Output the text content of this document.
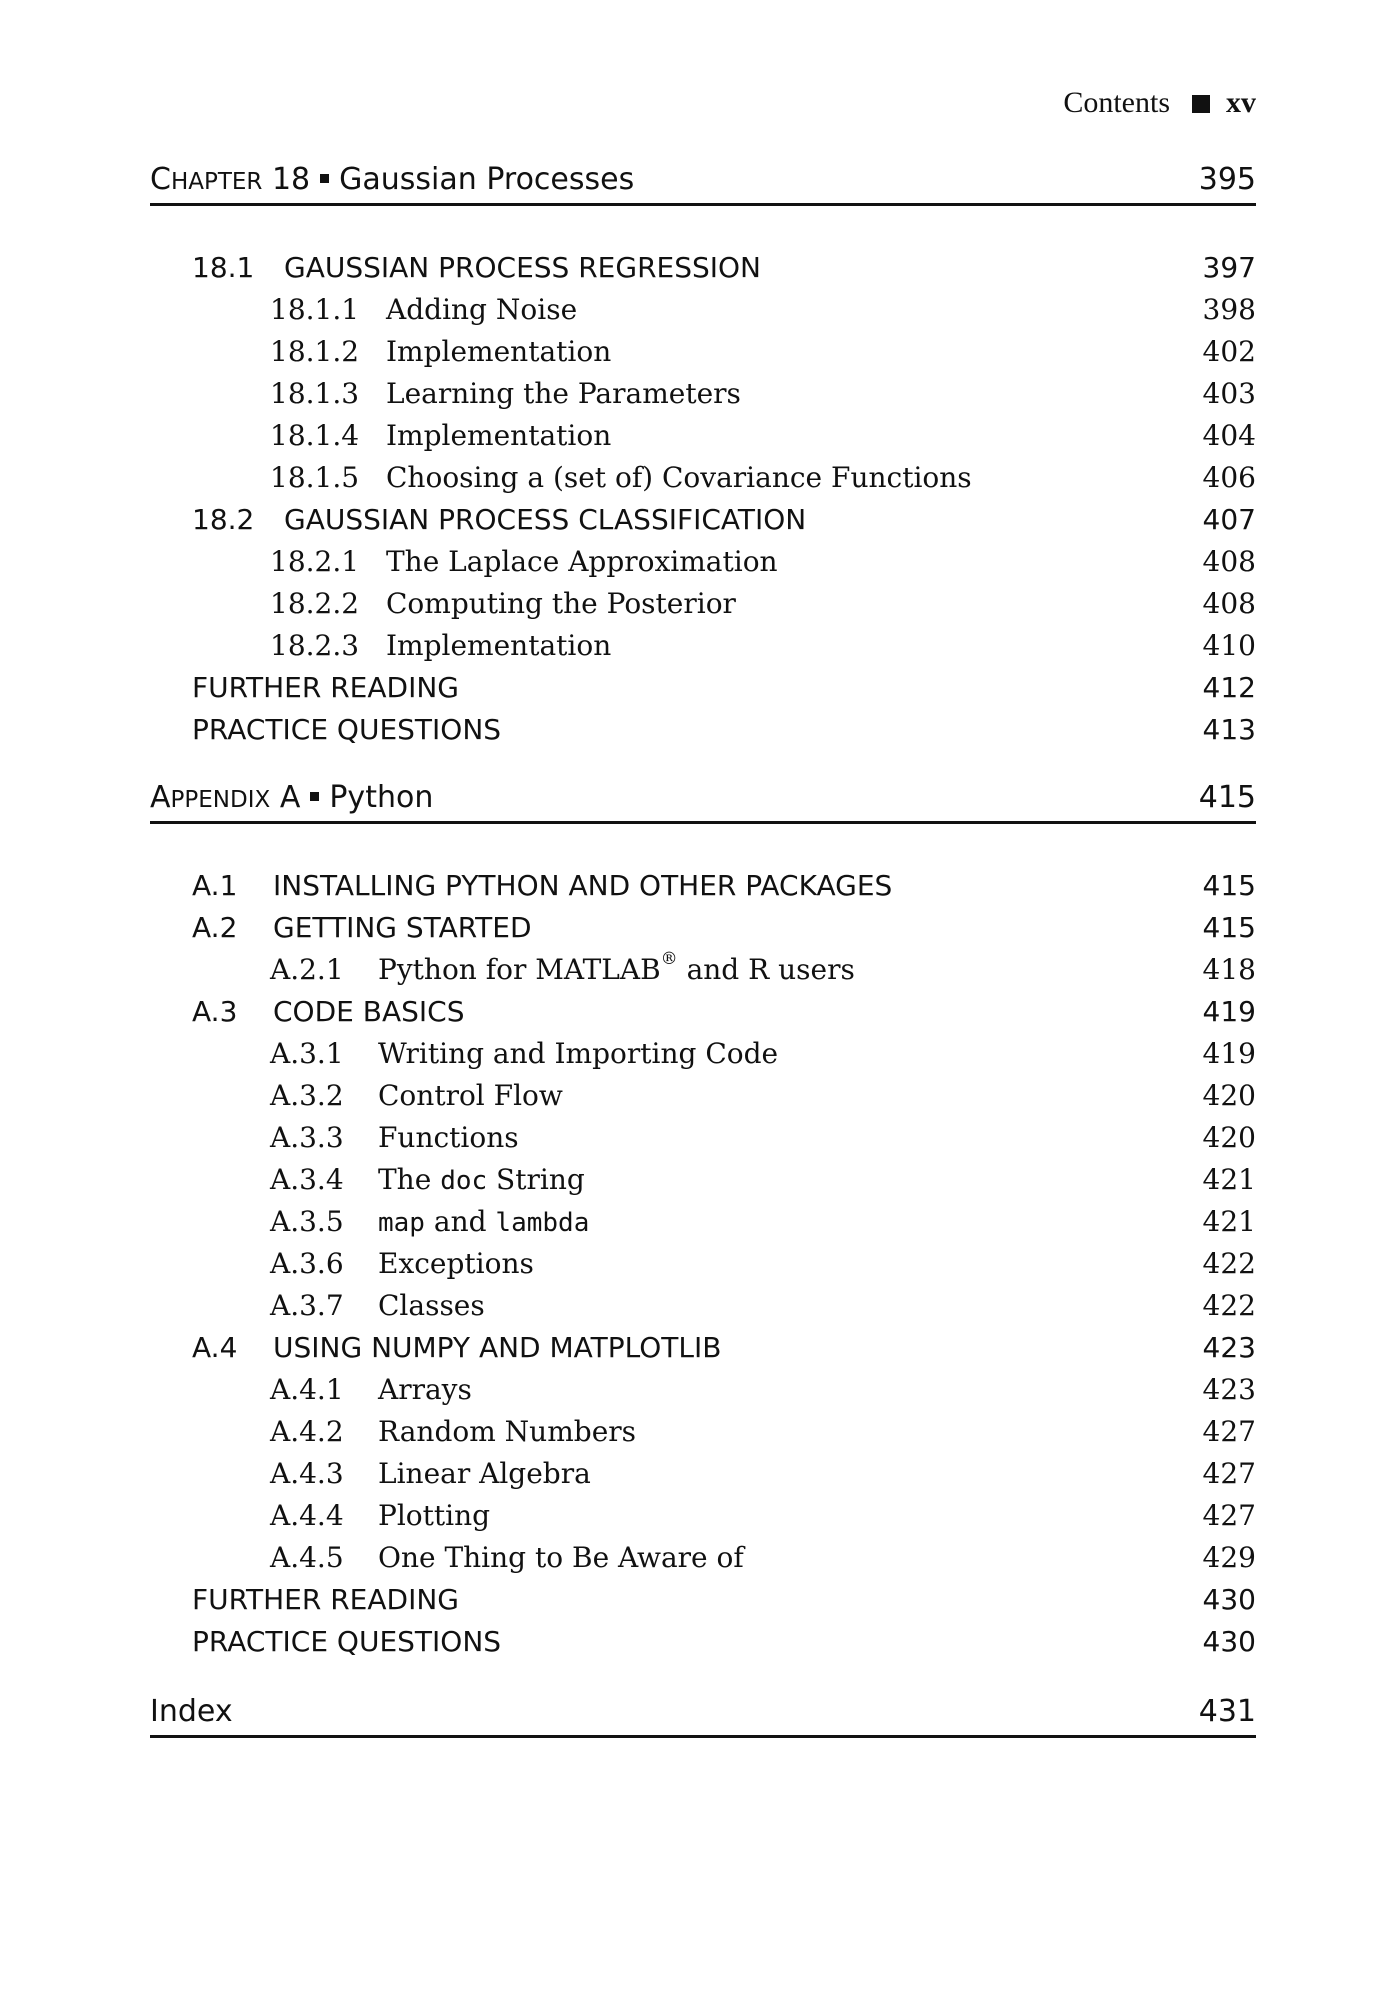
Contents xv
CHAPTER 18 Gaussian Processes	395
18.1 GAUSSIAN PROCESS REGRESSION	397
18.1.1 Adding Noise	398
18.1.2 Implementation	402
18.1.3 Learning the Parameters	403
18.1.4 Implementation	404
18.1.5 Choosing a (set of) Covariance Functions	406
18.2 GAUSSIAN PROCESS CLASSIFICATION	407
18.2.1 The Laplace Approximation	408
18.2.2 Computing the Posterior	408
18.2.3 Implementation	410
FURTHER READING	412
PRACTICE QUESTIONS	413
APPENDIX A Python	415
A.1 INSTALLING PYTHON AND OTHER PACKAGES	415
A.2 GETTING STARTED	415
A.2.1 Python for MATLAB® and R users	418
A.3 CODE BASICS	419
A.3.1 Writing and Importing Code	419
A.3.2 Control Flow	420
A.3.3 Functions	420
A.3.4 The doc String	421
A.3.5 map and lambda	421
A.3.6 Exceptions	422
A.3.7 Classes	422
A.4 USING NUMPY AND MATPLOTLIB	423
A.4.1 Arrays	423
A.4.2 Random Numbers	427
A.4.3 Linear Algebra	427
A.4.4 Plotting	427
A.4.5 One Thing to Be Aware of	429
FURTHER READING	430
PRACTICE QUESTIONS	430
Index	431
